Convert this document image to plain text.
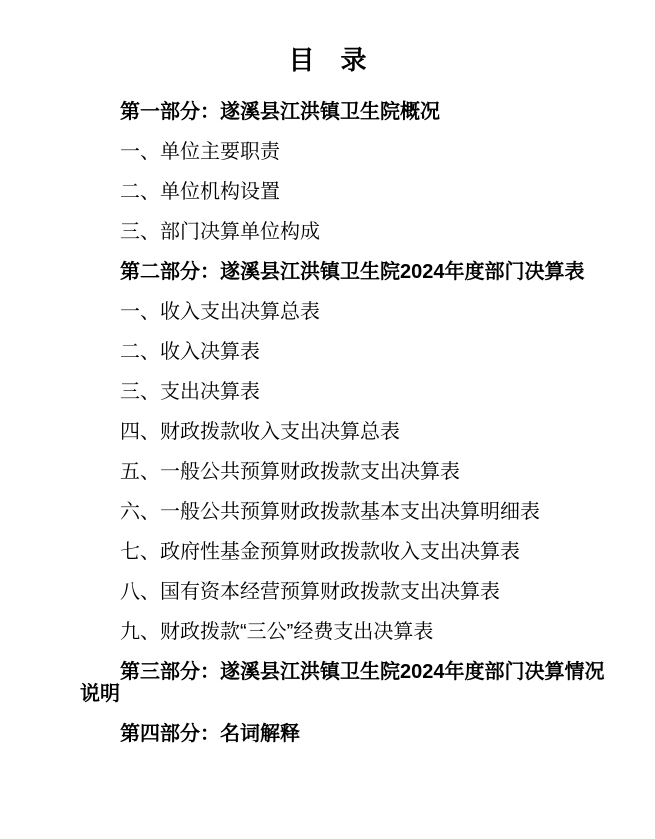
目　录

第一部分：遂溪县江洪镇卫生院概况

一、单位主要职责

二、单位机构设置

三、部门决算单位构成

第二部分：遂溪县江洪镇卫生院2024年度部门决算表

一、收入支出决算总表

二、收入决算表

三、支出决算表

四、财政拨款收入支出决算总表

五、一般公共预算财政拨款支出决算表

六、一般公共预算财政拨款基本支出决算明细表

七、政府性基金预算财政拨款收入支出决算表

八、国有资本经营预算财政拨款支出决算表

九、财政拨款“三公”经费支出决算表

第三部分：遂溪县江洪镇卫生院2024年度部门决算情况说明

第四部分：名词解释
